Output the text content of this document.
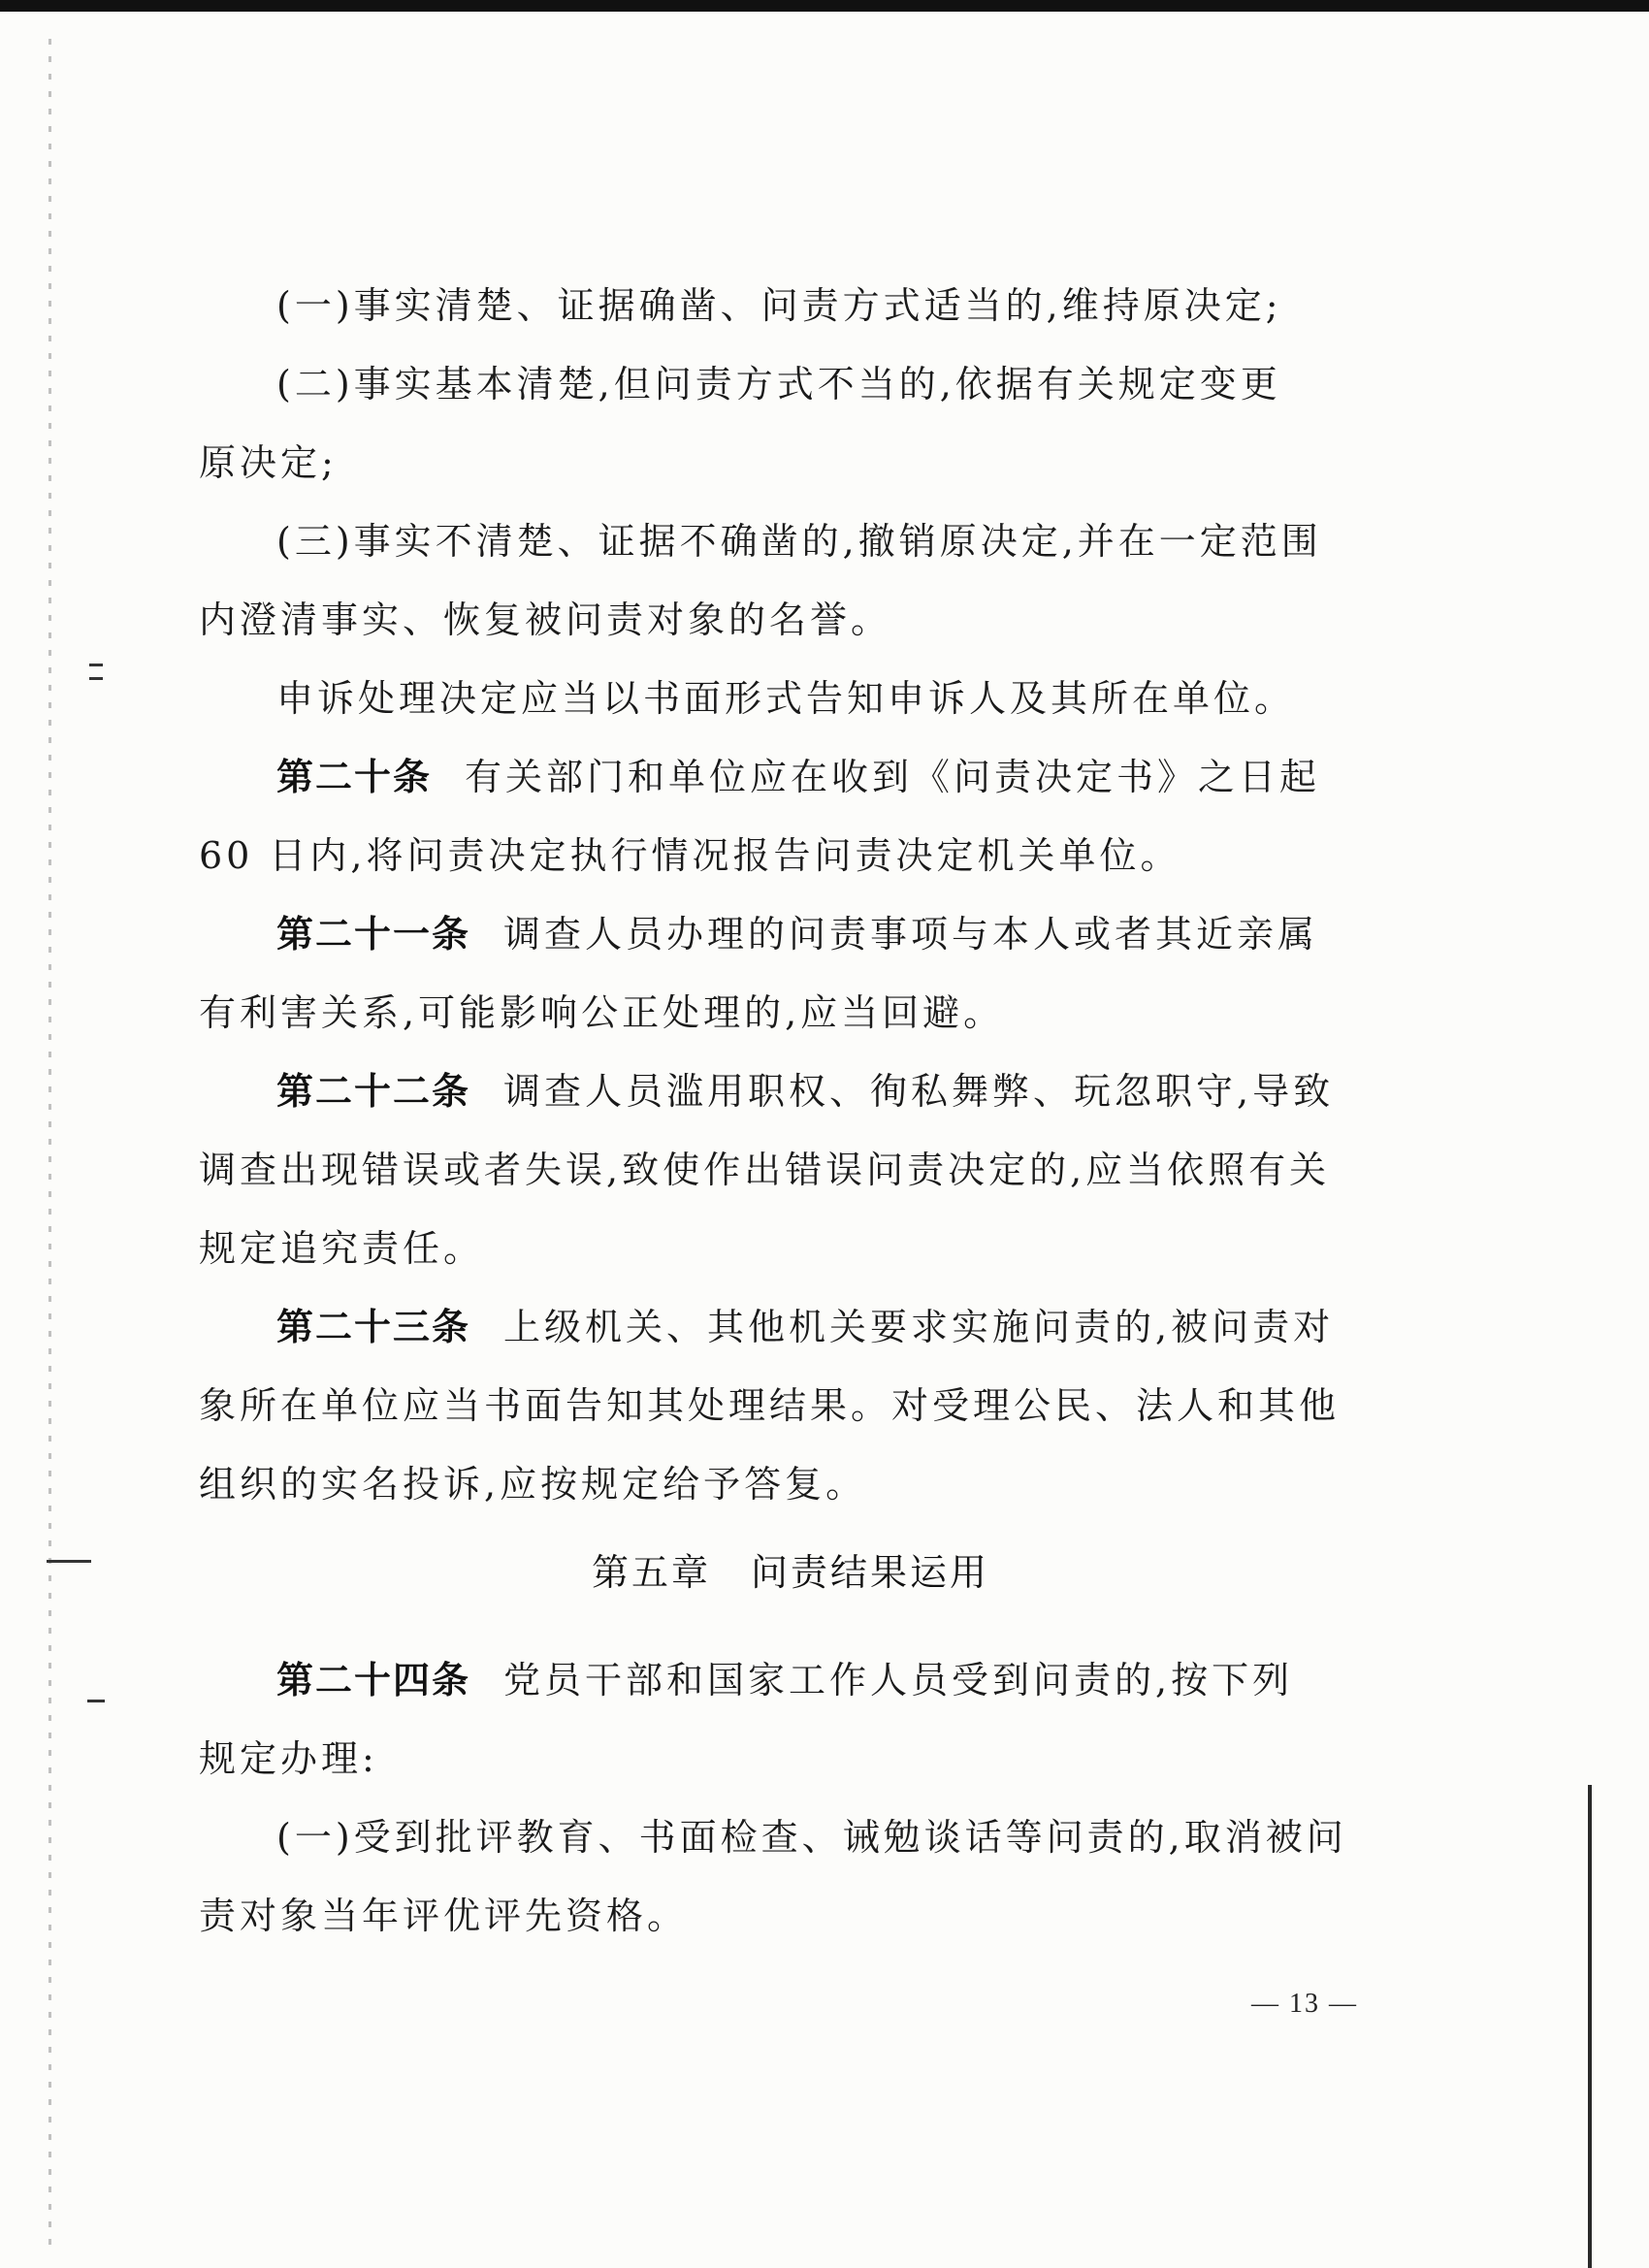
(一)事实清楚、证据确凿、问责方式适当的,维持原决定;
(二)事实基本清楚,但问责方式不当的,依据有关规定变更
原决定;
(三)事实不清楚、证据不确凿的,撤销原决定,并在一定范围
内澄清事实、恢复被问责对象的名誉。
申诉处理决定应当以书面形式告知申诉人及其所在单位。
第二十条 有关部门和单位应在收到《问责决定书》之日起
60 日内,将问责决定执行情况报告问责决定机关单位。
第二十一条 调查人员办理的问责事项与本人或者其近亲属
有利害关系,可能影响公正处理的,应当回避。
第二十二条 调查人员滥用职权、徇私舞弊、玩忽职守,导致
调查出现错误或者失误,致使作出错误问责决定的,应当依照有关
规定追究责任。
第二十三条 上级机关、其他机关要求实施问责的,被问责对
象所在单位应当书面告知其处理结果。对受理公民、法人和其他
组织的实名投诉,应按规定给予答复。
第五章　问责结果运用
第二十四条 党员干部和国家工作人员受到问责的,按下列
规定办理:
(一)受到批评教育、书面检查、诫勉谈话等问责的,取消被问
责对象当年评优评先资格。
— 13 —
